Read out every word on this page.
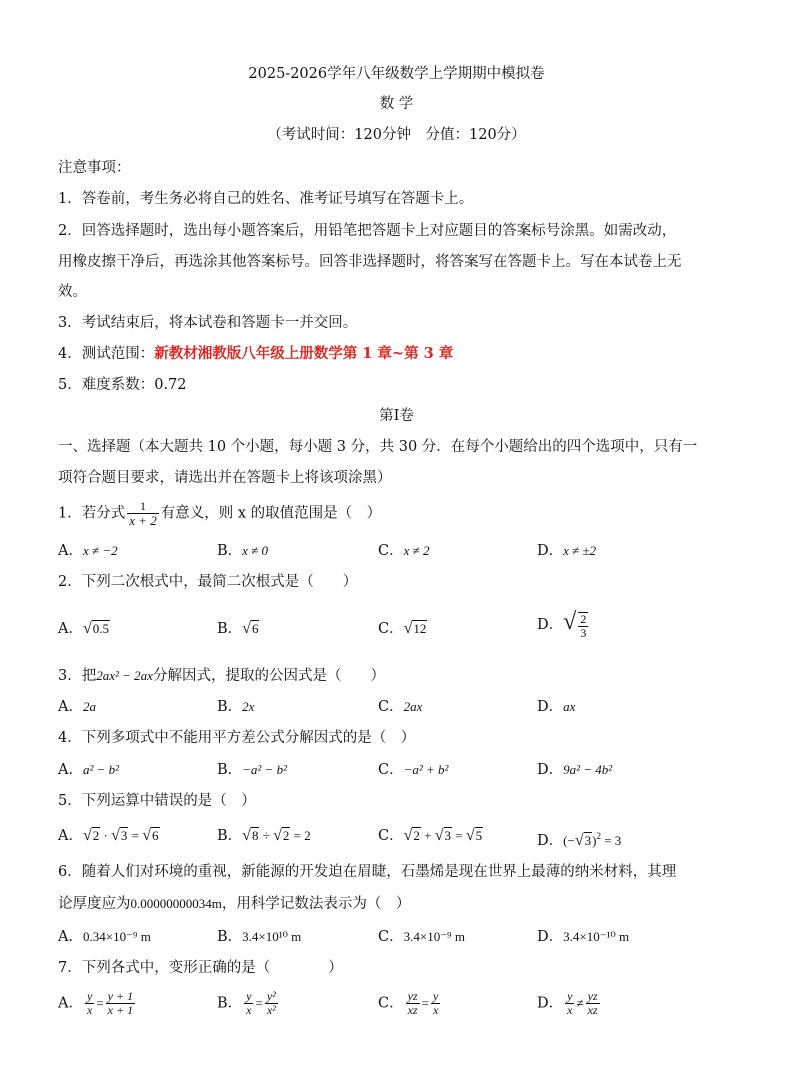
2025-2026学年八年级数学上学期期中模拟卷
数 学
（考试时间：120分钟　分值：120分）
注意事项：
1．答卷前，考生务必将自己的姓名、准考证号填写在答题卡上。
2．回答选择题时，选出每小题答案后，用铅笔把答题卡上对应题目的答案标号涂黑。如需改动，
用橡皮擦干净后，再选涂其他答案标号。回答非选择题时，将答案写在答题卡上。写在本试卷上无
效。
3．考试结束后，将本试卷和答题卡一并交回。
4．测试范围：新教材湘教版八年级上册数学第 1 章~第 3 章
5．难度系数：0.72
第Ⅰ卷
一、选择题（本大题共 10 个小题，每小题 3 分，共 30 分．在每个小题给出的四个选项中，只有一
项符合题目要求，请选出并在答题卡上将该项涂黑）
1．若分式 $\frac{1}{x + 2}$ 有意义，则 x 的取值范围是（　）
A．x ≠ −2	B．x ≠ 0	C．x ≠ 2	D．x ≠ ±2
2．下列二次根式中，最简二次根式是（　　）
A．√0.5	B．√6	C．√12	D．√ $\frac{2}{3}$
3．把2ax² − 2ax分解因式，提取的公因式是（　　）
A．2a	B．2x	C．2ax	D．ax
4．下列多项式中不能用平方差公式分解因式的是（　）
A．a² − b²	B．−a² − b²	C．−a² + b²	D．9a² − 4b²
5．下列运算中错误的是（　）
A．√2 · √3 = √6	B．√8 ÷ √2 = 2	C．√2 + √3 = √5	D．$(-√3)^2 = 3$
6．随着人们对环境的重视，新能源的开发迫在眉睫，石墨烯是现在世界上最薄的纳米材料，其理
论厚度应为0.00000000034m，用科学记数法表示为（　）
A．0.34×10⁻⁹ m	B．3.4×10¹⁰ m	C．3.4×10⁻⁹ m	D．3.4×10⁻¹⁰ m
7．下列各式中，变形正确的是（　　　　）
A． $\frac{y}{x} = \frac{y + 1}{x + 1}$	B． $\frac{y}{x} = \frac{\text{y²}}{\text{x²}}$	C． $\frac{yz}{xz} = \frac{y}{x}$	D． $\frac{y}{x} \ne \frac{yz}{xz}$
